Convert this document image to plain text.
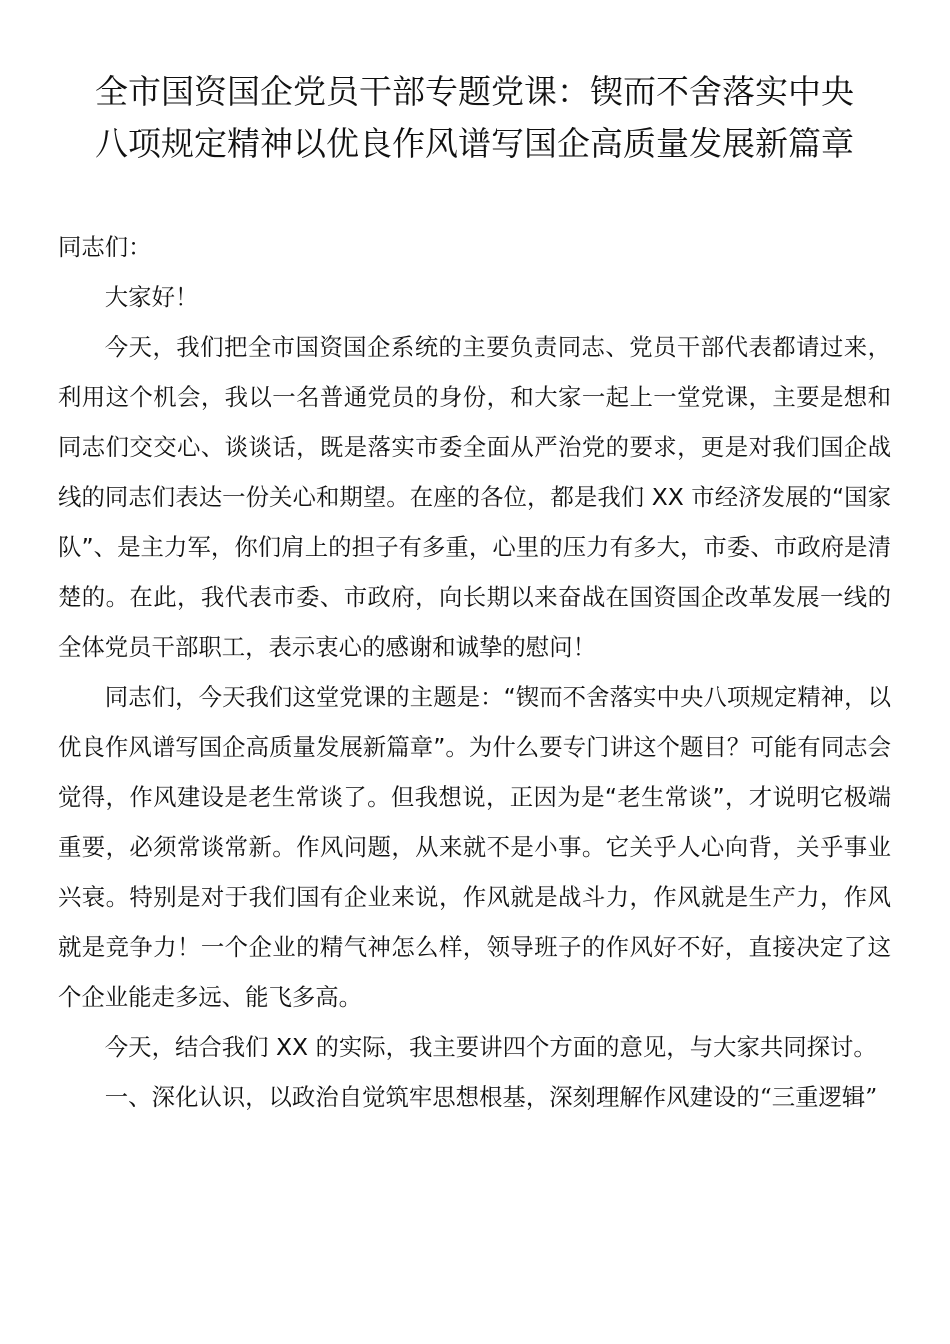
全市国资国企党员干部专题党课：锲而不舍落实中央
八项规定精神以优良作风谱写国企高质量发展新篇章

同志们：

大家好！

今天，我们把全市国资国企系统的主要负责同志、党员干部代表都请过来，利用这个机会，我以一名普通党员的身份，和大家一起上一堂党课，主要是想和同志们交交心、谈谈话，既是落实市委全面从严治党的要求，更是对我们国企战线的同志们表达一份关心和期望。在座的各位，都是我们 XX 市经济发展的“国家队”、是主力军，你们肩上的担子有多重，心里的压力有多大，市委、市政府是清楚的。在此，我代表市委、市政府，向长期以来奋战在国资国企改革发展一线的全体党员干部职工，表示衷心的感谢和诚挚的慰问！

同志们，今天我们这堂党课的主题是：“锲而不舍落实中央八项规定精神，以优良作风谱写国企高质量发展新篇章”。为什么要专门讲这个题目？可能有同志会觉得，作风建设是老生常谈了。但我想说，正因为是“老生常谈”，才说明它极端重要，必须常谈常新。作风问题，从来就不是小事。它关乎人心向背，关乎事业兴衰。特别是对于我们国有企业来说，作风就是战斗力，作风就是生产力，作风就是竞争力！一个企业的精气神怎么样，领导班子的作风好不好，直接决定了这个企业能走多远、能飞多高。

今天，结合我们 XX 的实际，我主要讲四个方面的意见，与大家共同探讨。

一、深化认识，以政治自觉筑牢思想根基，深刻理解作风建设的“三重逻辑”
